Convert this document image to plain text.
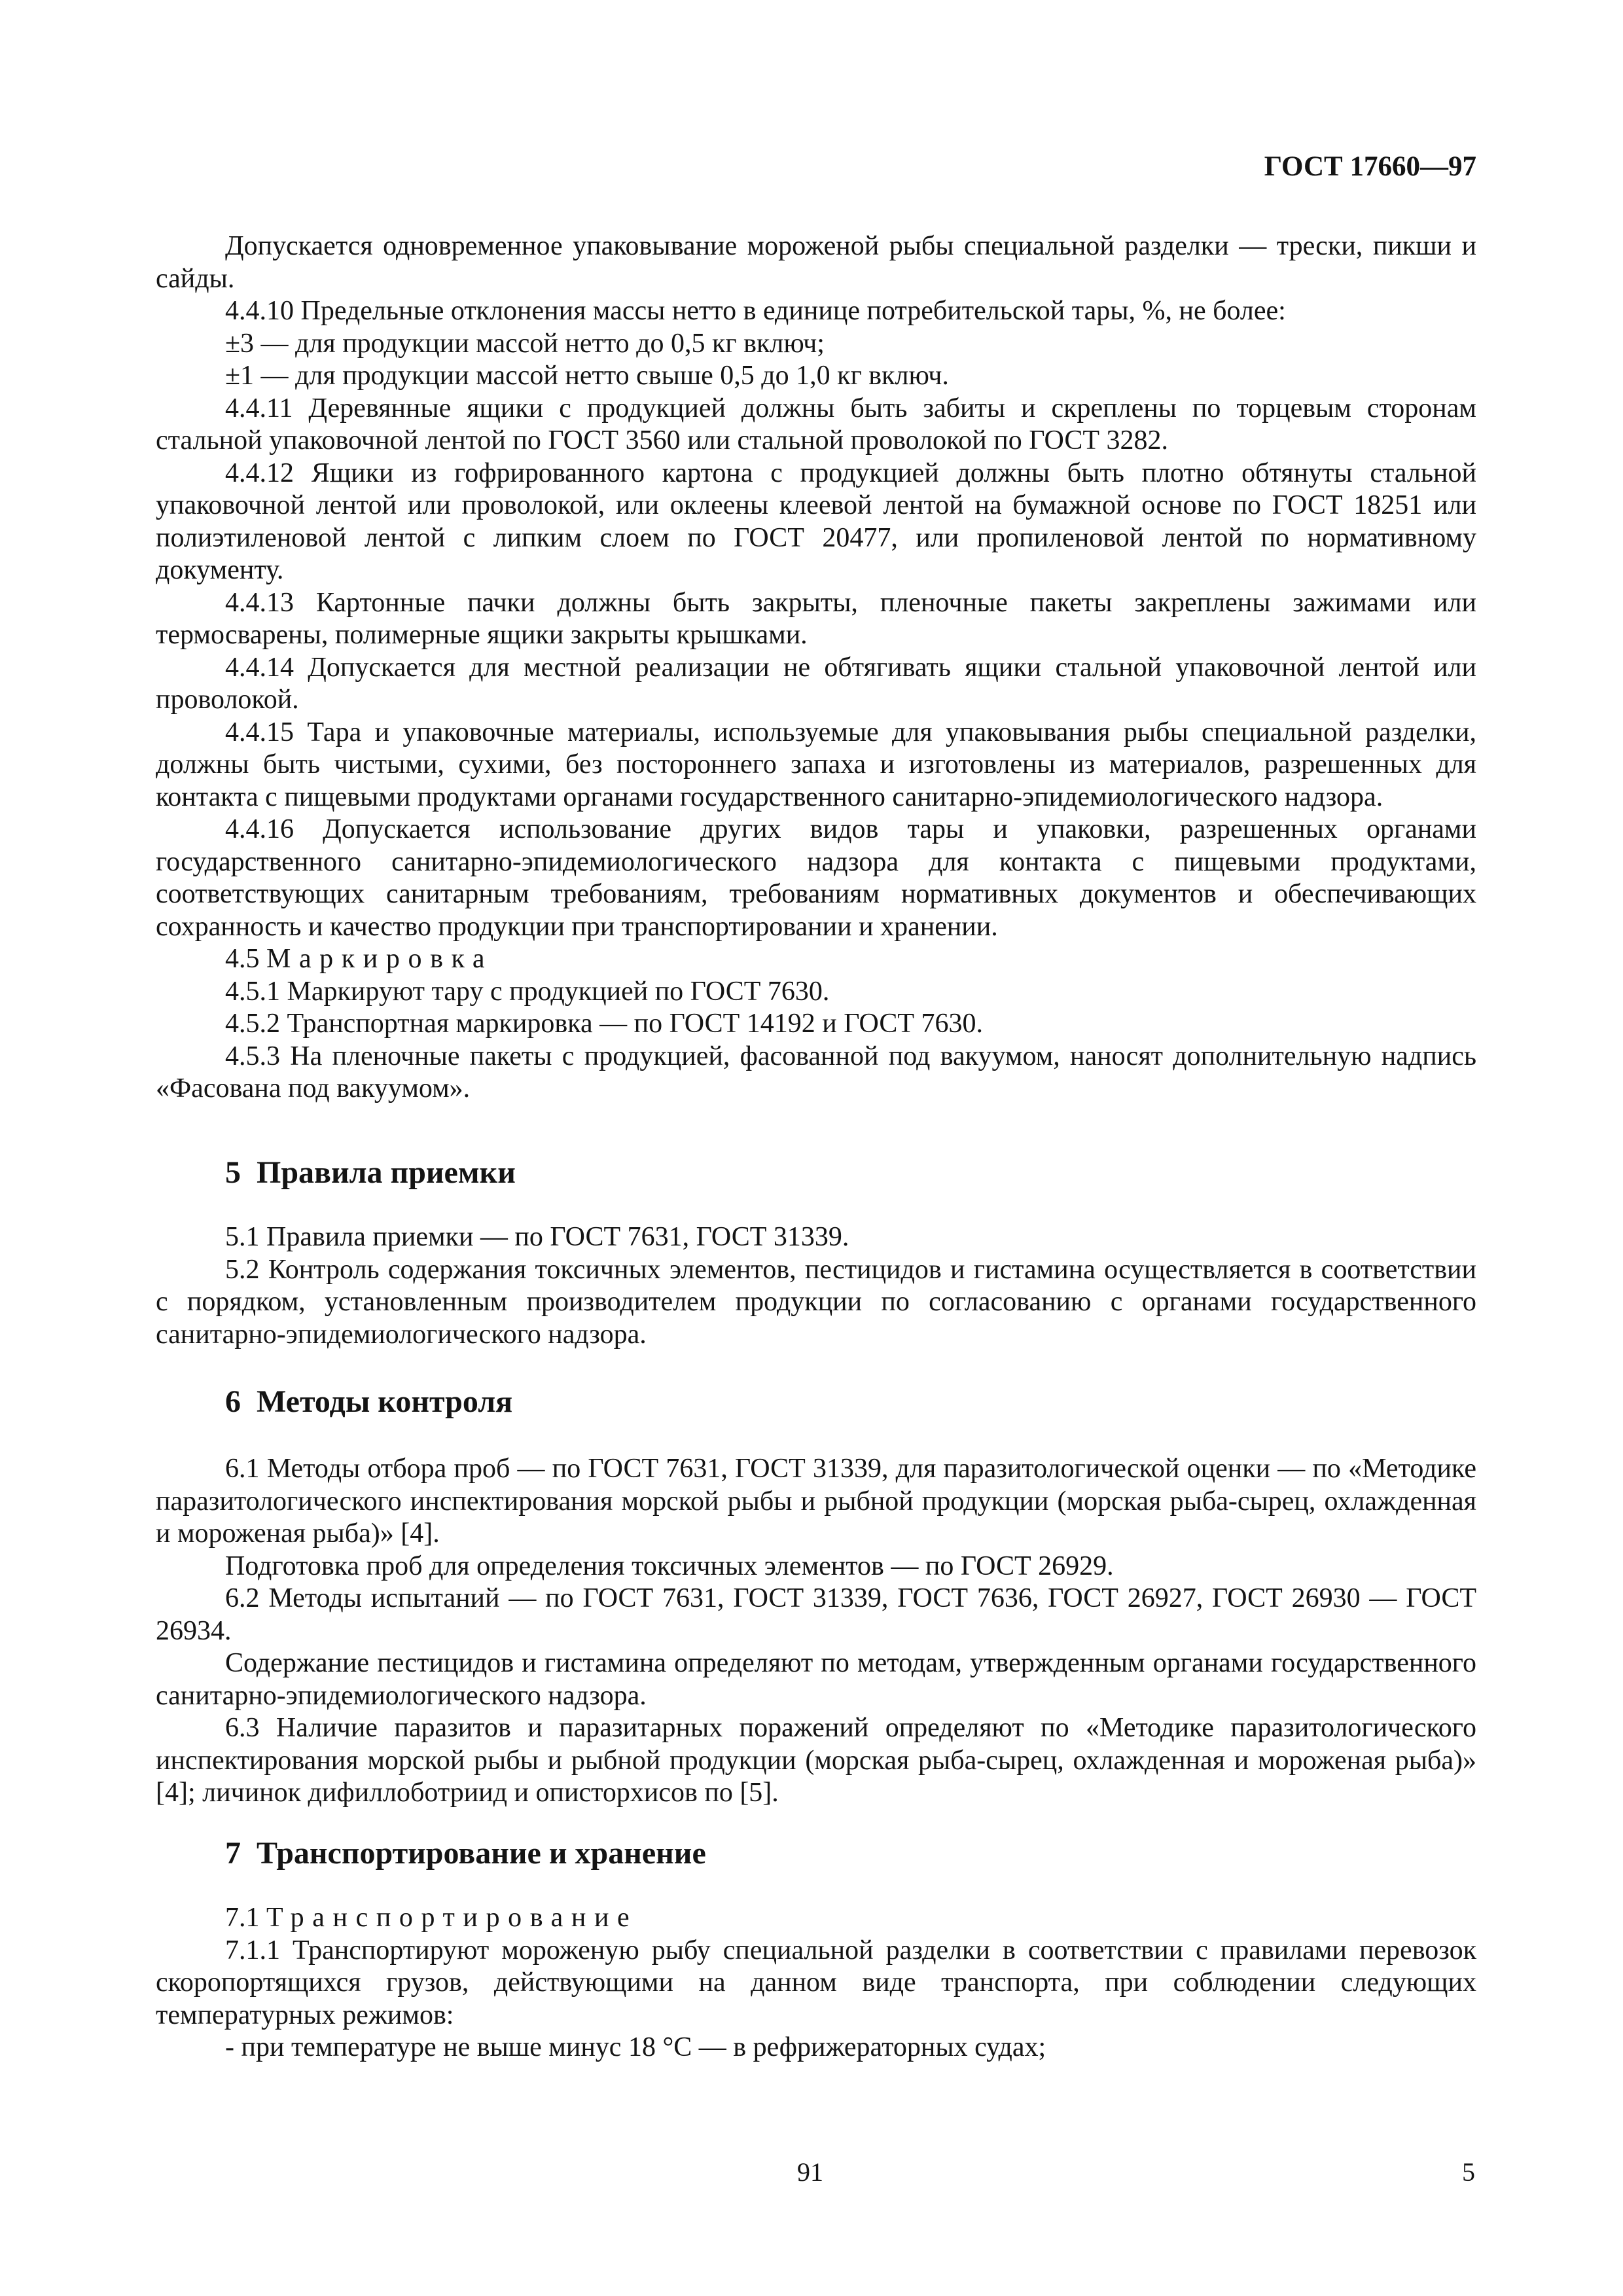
ГОСТ 17660—97

Допускается одновременное упаковывание мороженой рыбы специальной разделки — трески, пикши и сайды.

4.4.10 Предельные отклонения массы нетто в единице потребительской тары, %, не более:

±3 — для продукции массой нетто до 0,5 кг включ;

±1 — для продукции массой нетто свыше 0,5 до 1,0 кг включ.

4.4.11 Деревянные ящики с продукцией должны быть забиты и скреплены по торцевым сторонам стальной упаковочной лентой по ГОСТ 3560 или стальной проволокой по ГОСТ 3282.

4.4.12 Ящики из гофрированного картона с продукцией должны быть плотно обтянуты стальной упаковочной лентой или проволокой, или оклеены клеевой лентой на бумажной основе по ГОСТ 18251 или полиэтиленовой лентой с липким слоем по ГОСТ 20477, или пропиленовой лентой по нормативному документу.

4.4.13 Картонные пачки должны быть закрыты, пленочные пакеты закреплены зажимами или термосварены, полимерные ящики закрыты крышками.

4.4.14 Допускается для местной реализации не обтягивать ящики стальной упаковочной лентой или проволокой.

4.4.15 Тара и упаковочные материалы, используемые для упаковывания рыбы специальной разделки, должны быть чистыми, сухими, без постороннего запаха и изготовлены из материалов, разрешенных для контакта с пищевыми продуктами органами государственного санитарно-эпидемиологического надзора.

4.4.16 Допускается использование других видов тары и упаковки, разрешенных органами государственного санитарно-эпидемиологического надзора для контакта с пищевыми продуктами, соответствующих санитарным требованиям, требованиям нормативных документов и обеспечивающих сохранность и качество продукции при транспортировании и хранении.

4.5 Маркировка

4.5.1 Маркируют тару с продукцией по ГОСТ 7630.

4.5.2 Транспортная маркировка — по ГОСТ 14192 и ГОСТ 7630.

4.5.3 На пленочные пакеты с продукцией, фасованной под вакуумом, наносят дополнительную надпись «Фасована под вакуумом».

5 Правила приемки

5.1 Правила приемки — по ГОСТ 7631, ГОСТ 31339.

5.2 Контроль содержания токсичных элементов, пестицидов и гистамина осуществляется в соответствии с порядком, установленным производителем продукции по согласованию с органами государственного санитарно-эпидемиологического надзора.

6 Методы контроля

6.1 Методы отбора проб — по ГОСТ 7631, ГОСТ 31339, для паразитологической оценки — по «Методике паразитологического инспектирования морской рыбы и рыбной продукции (морская рыба-сырец, охлажденная и мороженая рыба)» [4].

Подготовка проб для определения токсичных элементов — по ГОСТ 26929.

6.2 Методы испытаний — по ГОСТ 7631, ГОСТ 31339, ГОСТ 7636, ГОСТ 26927, ГОСТ 26930 — ГОСТ 26934.

Содержание пестицидов и гистамина определяют по методам, утвержденным органами государственного санитарно-эпидемиологического надзора.

6.3 Наличие паразитов и паразитарных поражений определяют по «Методике паразитологического инспектирования морской рыбы и рыбной продукции (морская рыба-сырец, охлажденная и мороженая рыба)» [4]; личинок дифиллоботриид и описторхисов по [5].

7 Транспортирование и хранение

7.1 Транспортирование

7.1.1 Транспортируют мороженую рыбу специальной разделки в соответствии с правилами перевозок скоропортящихся грузов, действующими на данном виде транспорта, при соблюдении следующих температурных режимов:

- при температуре не выше минус 18 °С — в рефрижераторных судах;

91	5
